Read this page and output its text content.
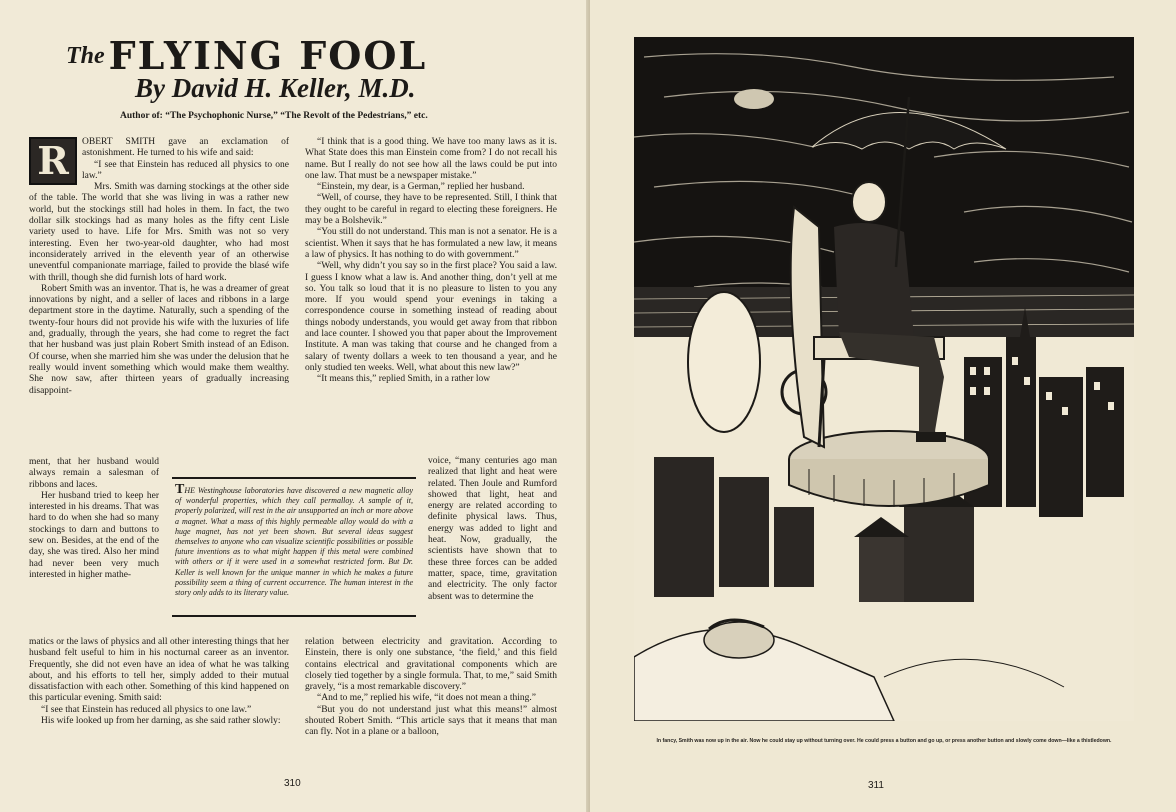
The FLYING FOOL
By David H. Keller, M.D.
Author of: “The Psychophonic Nurse,” “The Revolt of the Pedestrians,” etc.
R	OBERT SMITH gave an exclamation of astonishment. He turned to his wife and said:

“I see that Einstein has reduced all physics to one law.”

Mrs. Smith was darning stockings at the other side of the table. The world that she was living in was a rather new world, but the stockings still had holes in them. In fact, the two dollar silk stockings had as many holes as the fifty cent Lisle variety used to have. Life for Mrs. Smith was not so very interesting. Even her two-year-old daughter, who had most inconsiderately arrived in the eleventh year of an otherwise uneventful companionate marriage, failed to provide the blasé wife with thrill, though she did furnish lots of hard work.

Robert Smith was an inventor. That is, he was a dreamer of great innovations by night, and a seller of laces and ribbons in a large department store in the daytime. Naturally, such a spending of the twenty-four hours did not provide his wife with the luxuries of life and, gradually, through the years, she had come to regret the fact that her husband was just plain Robert Smith instead of an Edison. Of course, when she married him she was under the delusion that he really would invent something which would make them wealthy. She now saw, after thirteen years of gradually increasing disappoint-

ment, that her husband would always remain a salesman of ribbons and laces.

Her husband tried to keep her interested in his dreams. That was hard to do when she had so many stockings to darn and buttons to sew on. Besides, at the end of the day, she was tired. Also her mind had never been very much interested in higher mathe-

THE Westinghouse laboratories have discovered a new magnetic alloy of wonderful properties, which they call permalloy. A sample of it, properly polarized, will rest in the air unsupported an inch or more above a magnet. What a mass of this highly permeable alloy would do with a huge magnet, has not yet been shown. But several ideas suggest themselves to anyone who can visualize scientific possibilities or possible future inventions as to what might happen if this metal were combined with others or if it were used in a somewhat restricted form. But Dr. Keller is well known for the unique manner in which he makes a future possibility seem a thing of current occurrence. The human interest in the story only adds to its literary value.

“I think that is a good thing. We have too many laws as it is. What State does this man Einstein come from? I do not recall his name. But I really do not see how all the laws could be put into one law. That must be a newspaper mistake.”

“Einstein, my dear, is a German,” replied her husband.

“Well, of course, they have to be represented. Still, I think that they ought to be careful in regard to electing these foreigners. He may be a Bolshevik.”

“You still do not understand. This man is not a senator. He is a scientist. When it says that he has formulated a new law, it means a law of physics. It has nothing to do with government.”

“Well, why didn’t you say so in the first place? You said a law. I guess I know what a law is. And another thing, don’t yell at me so. You talk so loud that it is no pleasure to listen to you any more. If you would spend your evenings in taking a correspondence course in something instead of reading about things nobody understands, you would get away from that ribbon and lace counter. I showed you that paper about the Improvement Institute. A man was taking that course and he changed from a salary of twenty dollars a week to ten thousand a year, and he only studied ten weeks. Well, what about this new law?”

“It means this,” replied Smith, in a rather low

voice, “many centuries ago man realized that light and heat were related. Then Joule and Rumford showed that light, heat and energy are related according to definite physical laws. Thus, energy was added to light and heat. Now, gradually, the scientists have shown that to these three forces can be added matter, space, time, gravitation and electricity. The only factor absent was to determine the

matics or the laws of physics and all other interesting things that her husband felt useful to him in his nocturnal career as an inventor. Frequently, she did not even have an idea of what he was talking about, and his efforts to tell her, simply added to their mutual dissatisfaction with each other. Something of this kind happened on this particular evening. Smith said:

“I see that Einstein has reduced all physics to one law.”

His wife looked up from her darning, as she said rather slowly:

relation between electricity and gravitation. According to Einstein, there is only one substance, ‘the field,’ and this field contains electrical and gravitational components which are closely tied together by a single formula. That, to me,” said Smith gravely, “is a most remarkable discovery.”

“And to me,” replied his wife, “it does not mean a thing.”

“But you do not understand just what this means!” almost shouted Robert Smith. “This article says that it means that man can fly. Not in a plane or a balloon,

310
In fancy, Smith was now up in the air. Now he could stay up without turning over. He could press a button and go up, or press another button and slowly come down—like a thistledown.
311
